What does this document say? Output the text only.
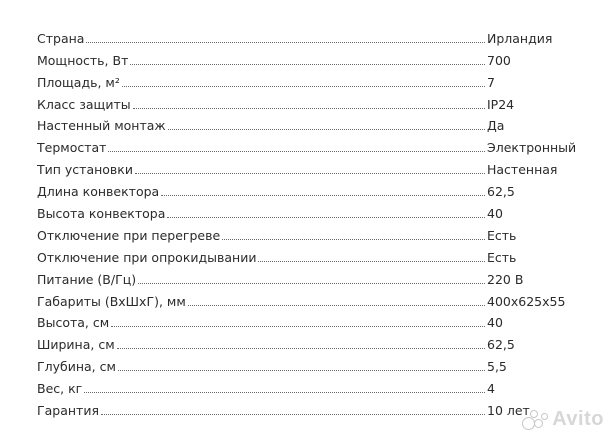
Страна	Ирландия
Мощность, Вт	700
Площадь, м²	7
Класс защиты	IP24
Настенный монтаж	Да
Термостат	Электронный
Тип установки	Настенная
Длина конвектора	62,5
Высота конвектора	40
Отключение при перегреве	Есть
Отключение при опрокидывании	Есть
Питание (В/Гц)	220 В
Габариты (ВхШхГ), мм	400x625x55
Высота, см	40
Ширина, см	62,5
Глубина, см	5,5
Вес, кг	4
Гарантия	10 лет	Avito
